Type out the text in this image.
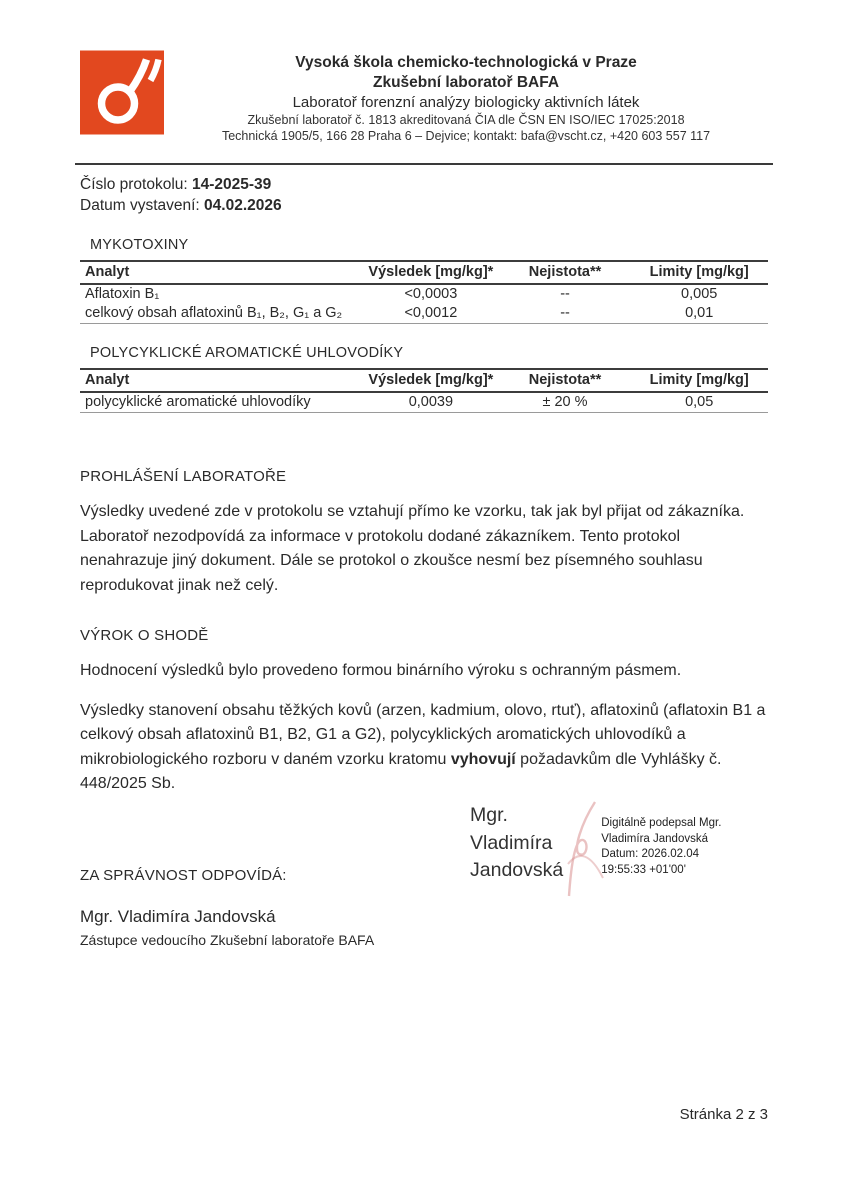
Vysoká škola chemicko-technologická v Praze
Zkušební laboratoř BAFA
Laboratoř forenzní analýzy biologicky aktivních látek
Zkušební laboratoř č. 1813 akreditovaná ČIA dle ČSN EN ISO/IEC 17025:2018
Technická 1905/5, 166 28 Praha 6 – Dejvice; kontakt: bafa@vscht.cz, +420 603 557 117
Číslo protokolu: 14-2025-39
Datum vystavení: 04.02.2026
MYKOTOXINY
Analyt	Výsledek [mg/kg]*	Nejistota**	Limity [mg/kg]
Aflatoxin B₁	<0,0003	--	0,005
celkový obsah aflatoxinů B₁, B₂, G₁ a G₂	<0,0012	--	0,01
POLYCYKLICKÉ AROMATICKÉ UHLOVODÍKY
Analyt	Výsledek [mg/kg]*	Nejistota**	Limity [mg/kg]
polycyklické aromatické uhlovodíky	0,0039	± 20 %	0,05
PROHLÁŠENÍ LABORATOŘE

Výsledky uvedené zde v protokolu se vztahují přímo ke vzorku, tak jak byl přijat od zákazníka. Laboratoř nezodpovídá za informace v protokolu dodané zákazníkem. Tento protokol nenahrazuje jiný dokument. Dále se protokol o zkoušce nesmí bez písemného souhlasu reprodukovat jinak než celý.

VÝROK O SHODĚ

Hodnocení výsledků bylo provedeno formou binárního výroku s ochranným pásmem.

Výsledky stanovení obsahu těžkých kovů (arzen, kadmium, olovo, rtuť), aflatoxinů (aflatoxin B1 a celkový obsah aflatoxinů B1, B2, G1 a G2), polycyklických aromatických uhlovodíků a mikrobiologického rozboru v daném vzorku kratomu vyhovují požadavkům dle Vyhlášky č. 448/2025 Sb.

ZA SPRÁVNOST ODPOVÍDÁ:
Mgr. Vladimíra Jandovská
Zástupce vedoucího Zkušební laboratoře BAFA
Mgr.
Vladimíra
Jandovská
Digitálně podepsal Mgr.
Vladimíra Jandovská
Datum: 2026.02.04
19:55:33 +01'00'
Stránka 2 z 3
